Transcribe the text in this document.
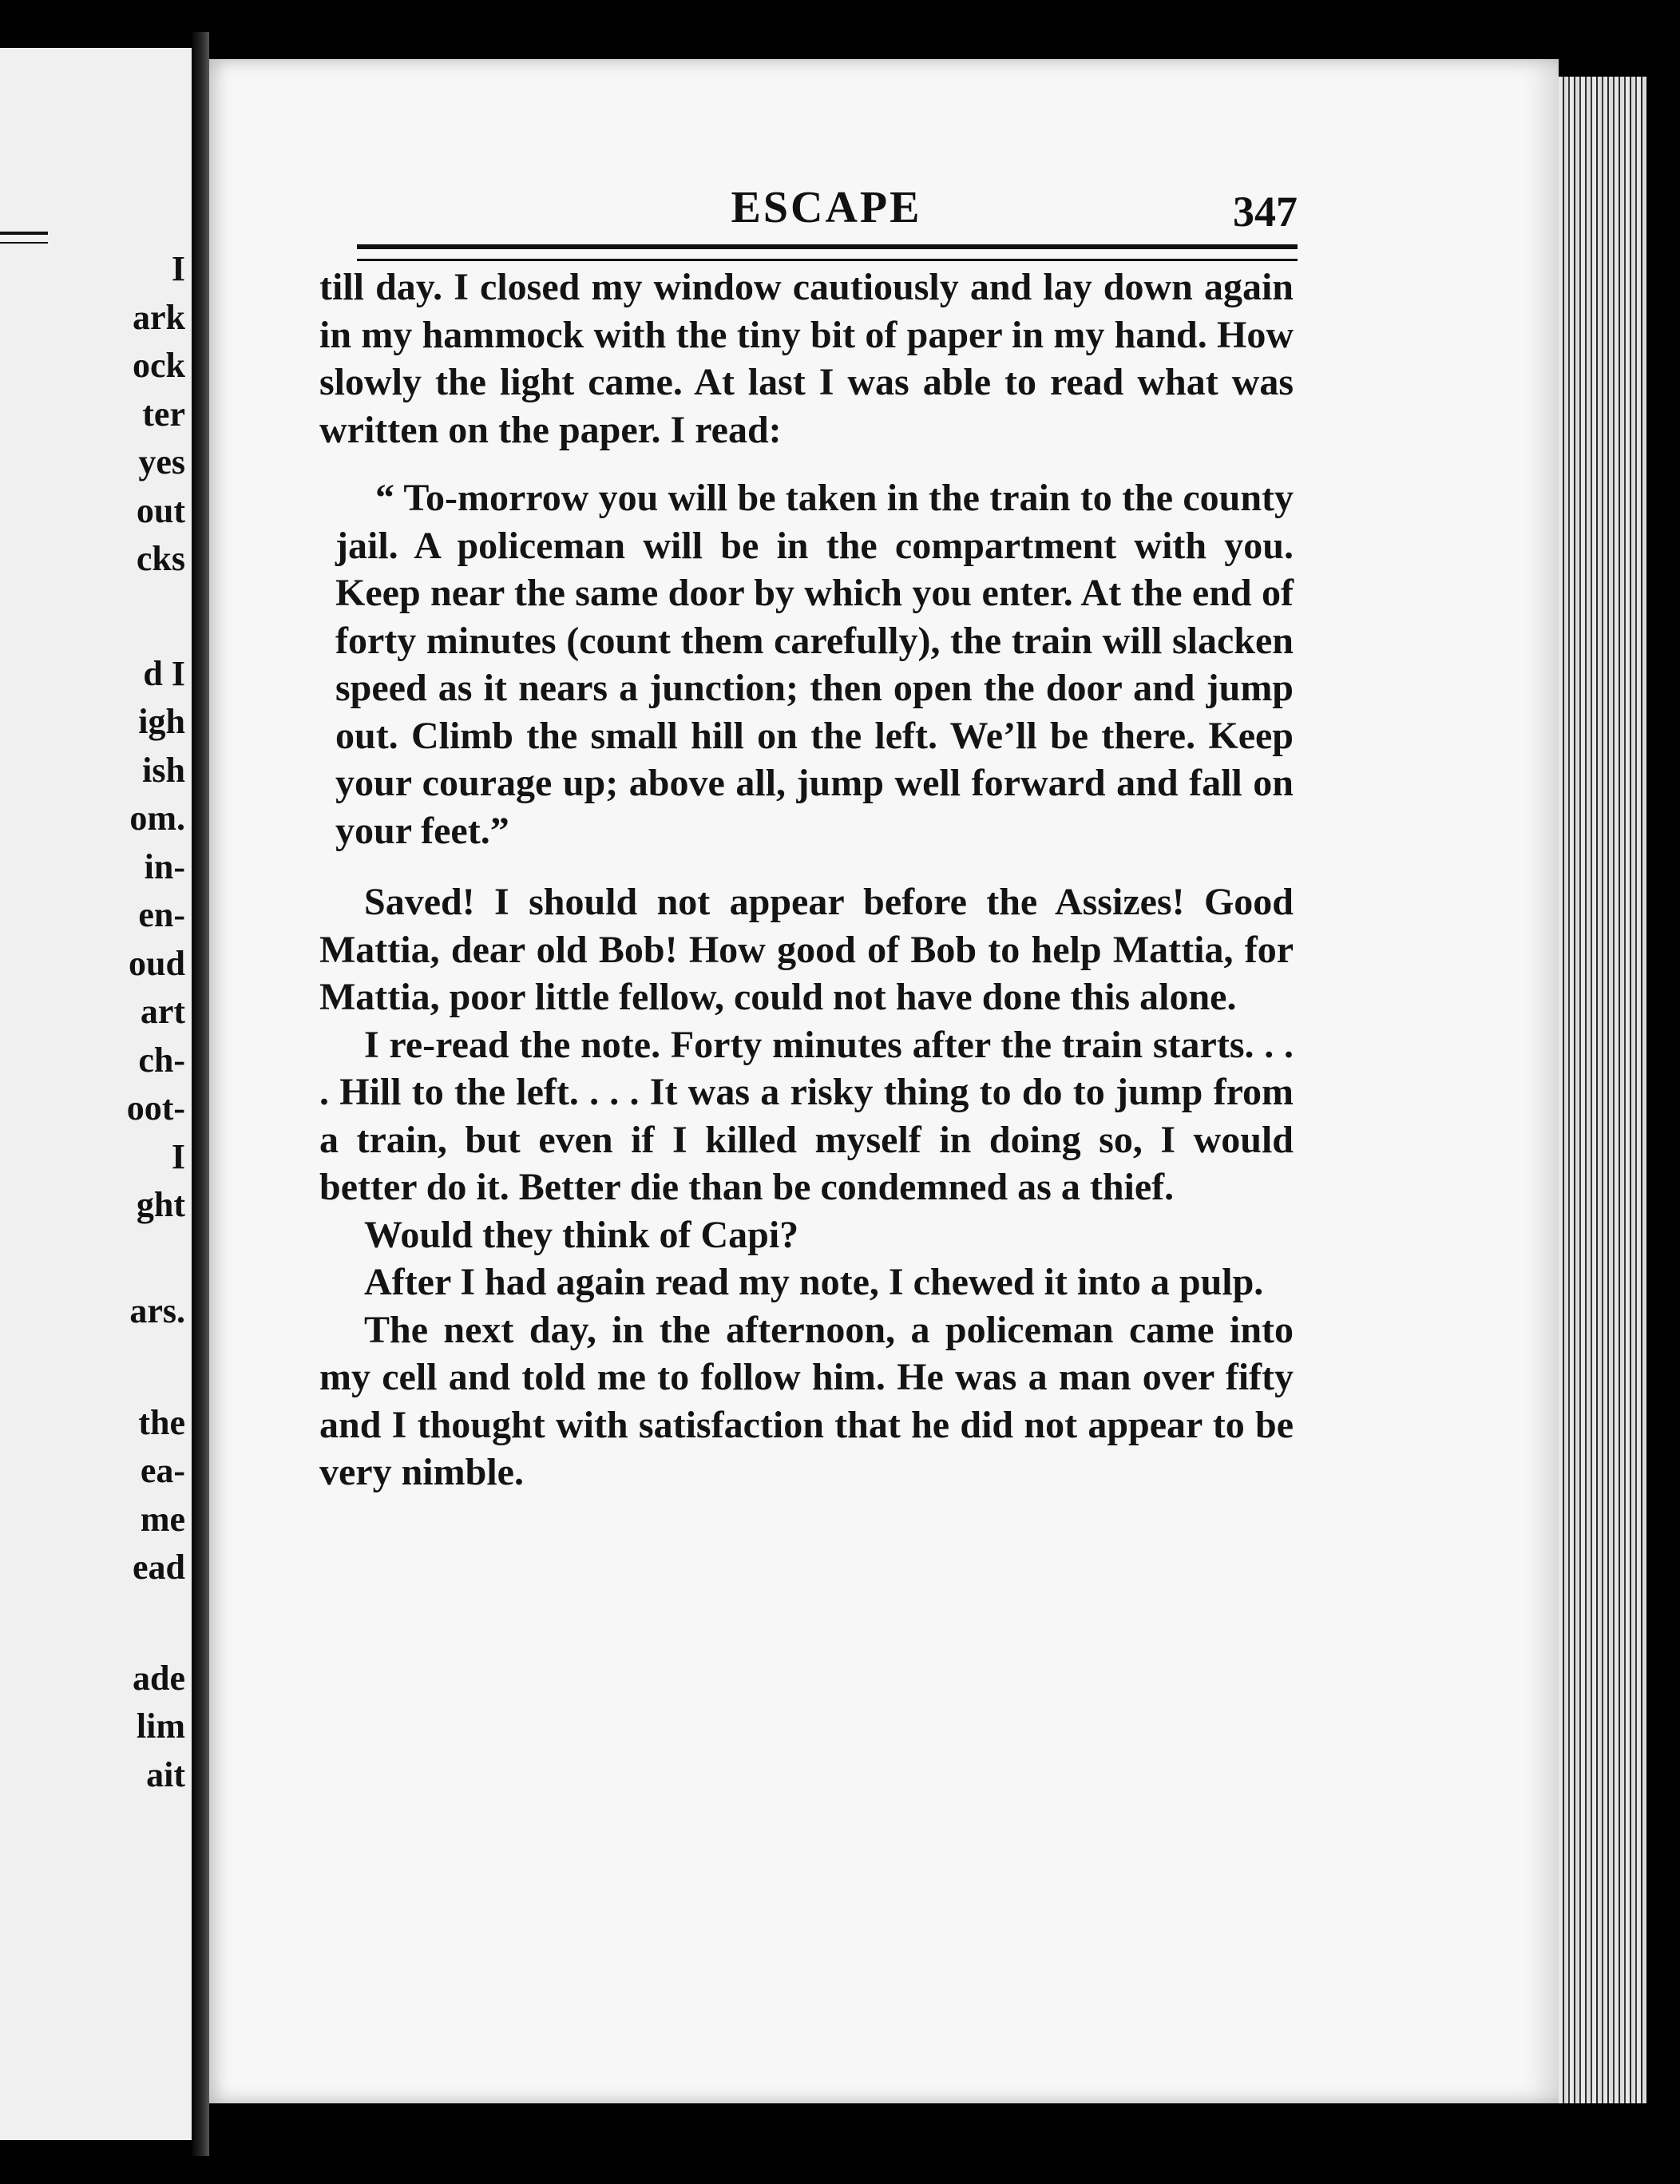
I
ark
ock
ter
yes
out
cks
d I
igh
ish
om.
in-
en-
oud
art
ch-
oot-
I
ght
ars.
the
ea-
me
ead
ade
lim
ait
ESCAPE	347

till day. I closed my window cautiously and lay down again in my hammock with the tiny bit of paper in my hand. How slowly the light came. At last I was able to read what was written on the paper. I read:

“ To-morrow you will be taken in the train to the county jail. A policeman will be in the compartment with you. Keep near the same door by which you enter. At the end of forty minutes (count them carefully), the train will slacken speed as it nears a junction; then open the door and jump out. Climb the small hill on the left. We’ll be there. Keep your courage up; above all, jump well forward and fall on your feet.”

Saved! I should not appear before the Assizes! Good Mattia, dear old Bob! How good of Bob to help Mattia, for Mattia, poor little fellow, could not have done this alone.

I re-read the note. Forty minutes after the train starts. . . . Hill to the left. . . . It was a risky thing to do to jump from a train, but even if I killed myself in doing so, I would better do it. Better die than be condemned as a thief.

Would they think of Capi?

After I had again read my note, I chewed it into a pulp.

The next day, in the afternoon, a policeman came into my cell and told me to follow him. He was a man over fifty and I thought with satisfaction that he did not appear to be very nimble.
